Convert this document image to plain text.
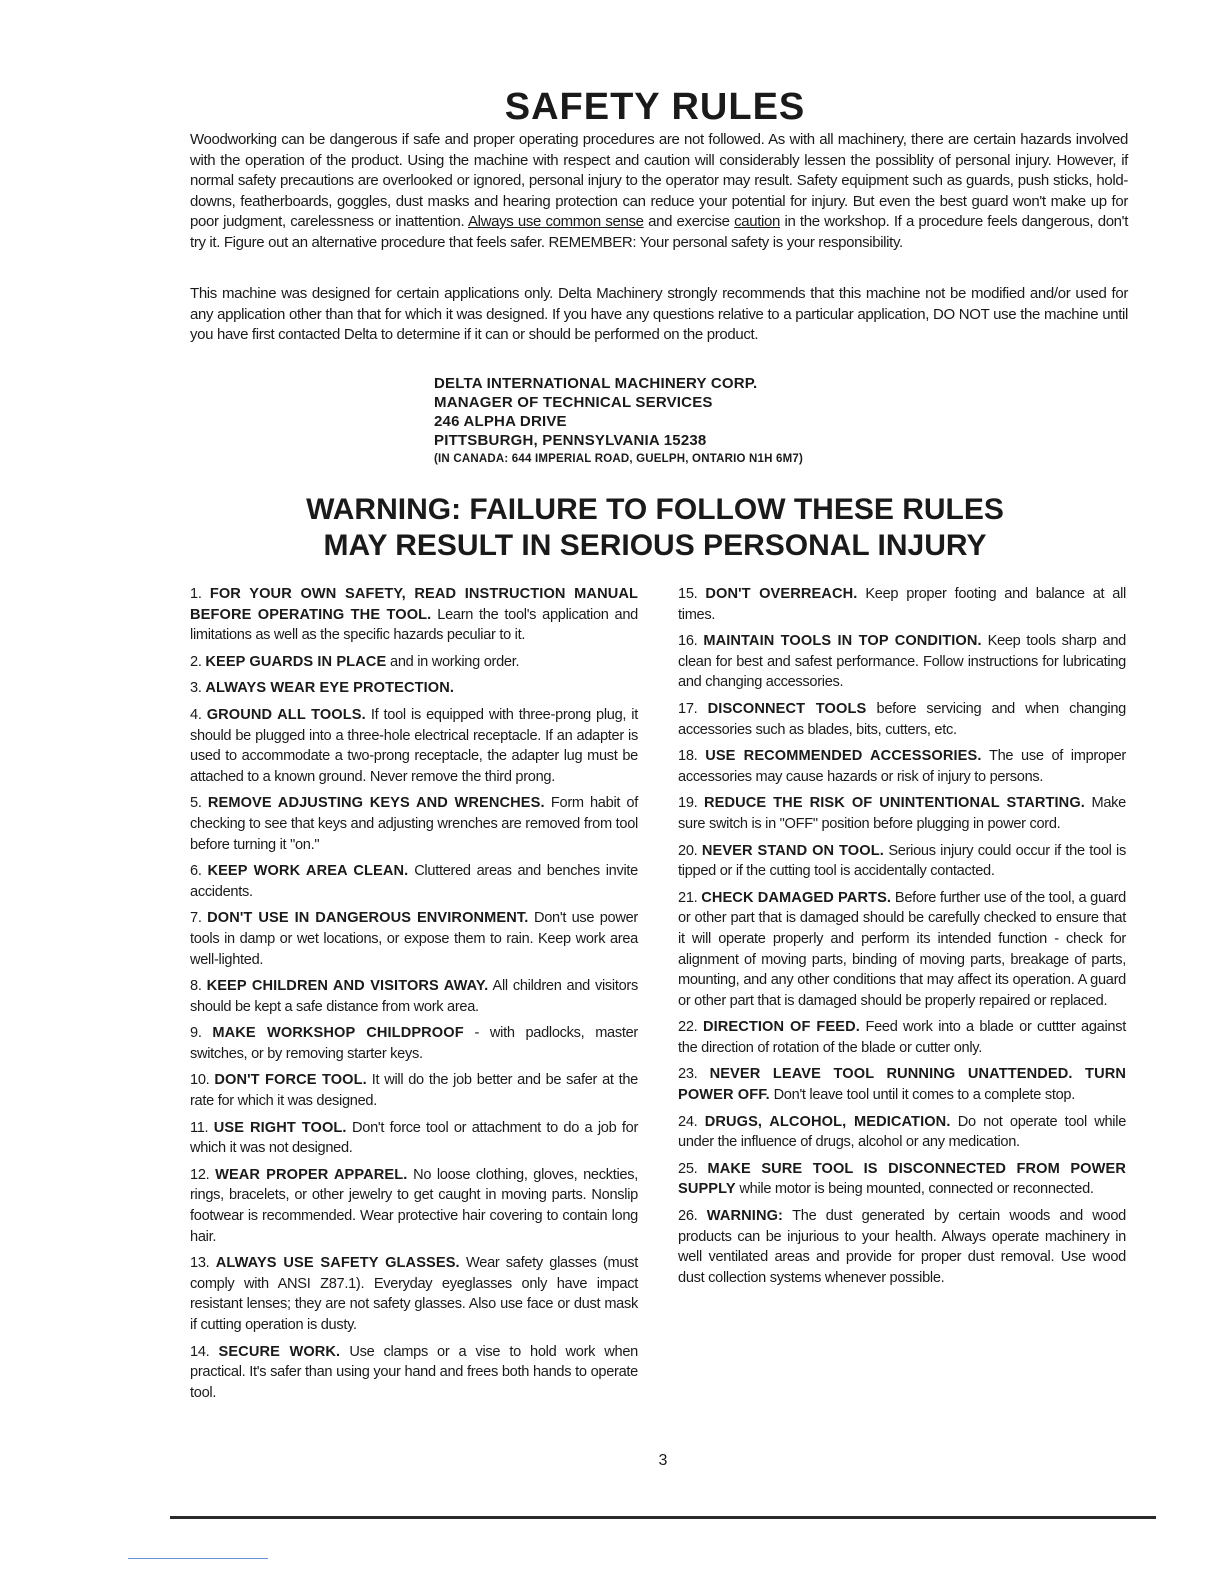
SAFETY RULES

Woodworking can be dangerous if safe and proper operating procedures are not followed. As with all machinery, there are certain hazards involved with the operation of the product. Using the machine with respect and caution will considerably lessen the possiblity of personal injury. However, if normal safety precautions are overlooked or ignored, personal injury to the operator may result. Safety equipment such as guards, push sticks, hold-downs, featherboards, goggles, dust masks and hearing protection can reduce your potential for injury. But even the best guard won't make up for poor judgment, carelessness or inattention. Always use common sense and exercise caution in the workshop. If a procedure feels dangerous, don't try it. Figure out an alternative procedure that feels safer. REMEMBER: Your personal safety is your responsibility.

This machine was designed for certain applications only. Delta Machinery strongly recommends that this machine not be modified and/or used for any application other than that for which it was designed. If you have any questions relative to a particular application, DO NOT use the machine until you have first contacted Delta to determine if it can or should be performed on the product.

DELTA INTERNATIONAL MACHINERY CORP.
MANAGER OF TECHNICAL SERVICES
246 ALPHA DRIVE
PITTSBURGH, PENNSYLVANIA 15238
(IN CANADA: 644 IMPERIAL ROAD, GUELPH, ONTARIO N1H 6M7)
WARNING: FAILURE TO FOLLOW THESE RULES
MAY RESULT IN SERIOUS PERSONAL INJURY

1. FOR YOUR OWN SAFETY, READ INSTRUCTION MANUAL BEFORE OPERATING THE TOOL. Learn the tool's application and limitations as well as the specific hazards peculiar to it.

2. KEEP GUARDS IN PLACE and in working order.

3. ALWAYS WEAR EYE PROTECTION.

4. GROUND ALL TOOLS. If tool is equipped with three-prong plug, it should be plugged into a three-hole electrical receptacle. If an adapter is used to accommodate a two-prong receptacle, the adapter lug must be attached to a known ground. Never remove the third prong.

5. REMOVE ADJUSTING KEYS AND WRENCHES. Form habit of checking to see that keys and adjusting wrenches are removed from tool before turning it "on."

6. KEEP WORK AREA CLEAN. Cluttered areas and benches invite accidents.

7. DON'T USE IN DANGEROUS ENVIRONMENT. Don't use power tools in damp or wet locations, or expose them to rain. Keep work area well-lighted.

8. KEEP CHILDREN AND VISITORS AWAY. All children and visitors should be kept a safe distance from work area.

9. MAKE WORKSHOP CHILDPROOF - with padlocks, master switches, or by removing starter keys.

10. DON'T FORCE TOOL. It will do the job better and be safer at the rate for which it was designed.

11. USE RIGHT TOOL. Don't force tool or attachment to do a job for which it was not designed.

12. WEAR PROPER APPAREL. No loose clothing, gloves, neckties, rings, bracelets, or other jewelry to get caught in moving parts. Nonslip footwear is recommended. Wear protective hair covering to contain long hair.

13. ALWAYS USE SAFETY GLASSES. Wear safety glasses (must comply with ANSI Z87.1). Everyday eyeglasses only have impact resistant lenses; they are not safety glasses. Also use face or dust mask if cutting operation is dusty.

14. SECURE WORK. Use clamps or a vise to hold work when practical. It's safer than using your hand and frees both hands to operate tool.

15. DON'T OVERREACH. Keep proper footing and balance at all times.

16. MAINTAIN TOOLS IN TOP CONDITION. Keep tools sharp and clean for best and safest performance. Follow instructions for lubricating and changing accessories.

17. DISCONNECT TOOLS before servicing and when changing accessories such as blades, bits, cutters, etc.

18. USE RECOMMENDED ACCESSORIES. The use of improper accessories may cause hazards or risk of injury to persons.

19. REDUCE THE RISK OF UNINTENTIONAL STARTING. Make sure switch is in "OFF" position before plugging in power cord.

20. NEVER STAND ON TOOL. Serious injury could occur if the tool is tipped or if the cutting tool is accidentally contacted.

21. CHECK DAMAGED PARTS. Before further use of the tool, a guard or other part that is damaged should be carefully checked to ensure that it will operate properly and perform its intended function - check for alignment of moving parts, binding of moving parts, breakage of parts, mounting, and any other conditions that may affect its operation. A guard or other part that is damaged should be properly repaired or replaced.

22. DIRECTION OF FEED. Feed work into a blade or cuttter against the direction of rotation of the blade or cutter only.

23. NEVER LEAVE TOOL RUNNING UNATTENDED. TURN POWER OFF. Don't leave tool until it comes to a complete stop.

24. DRUGS, ALCOHOL, MEDICATION. Do not operate tool while under the influence of drugs, alcohol or any medication.

25. MAKE SURE TOOL IS DISCONNECTED FROM POWER SUPPLY while motor is being mounted, connected or reconnected.

26. WARNING: The dust generated by certain woods and wood products can be injurious to your health. Always operate machinery in well ventilated areas and provide for proper dust removal. Use wood dust collection systems whenever possible.

3
